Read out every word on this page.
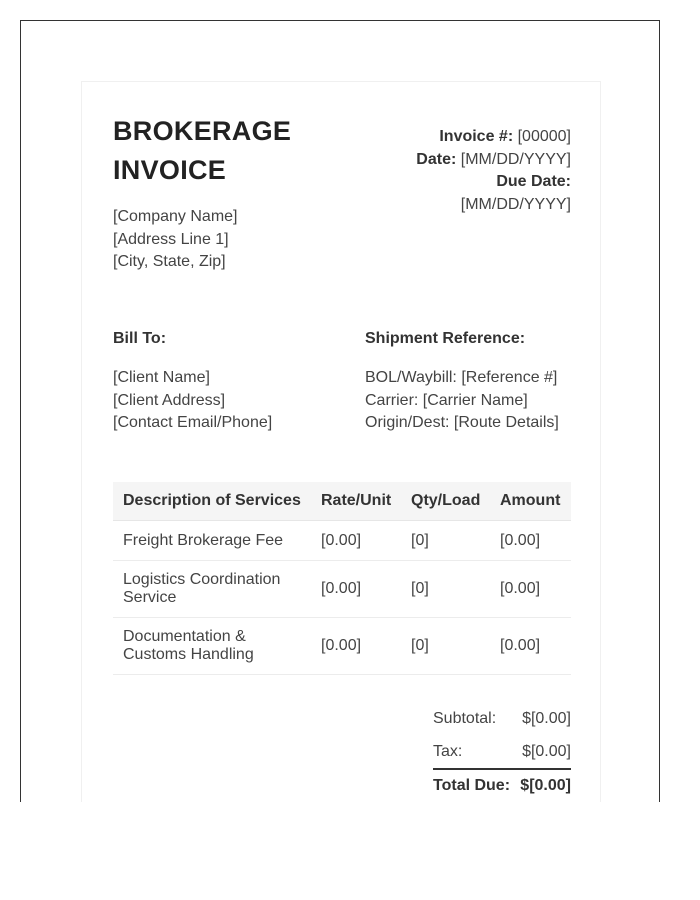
BROKERAGE INVOICE
[Company Name]
[Address Line 1]
[City, State, Zip]
Invoice #: [00000]
Date: [MM/DD/YYYY]
Due Date:
[MM/DD/YYYY]
Bill To:
[Client Name]
[Client Address]
[Contact Email/Phone]
Shipment Reference:
BOL/Waybill: [Reference #]
Carrier: [Carrier Name]
Origin/Dest: [Route Details]
Description of Services	Rate/Unit	Qty/Load	Amount
Freight Brokerage Fee	[0.00]	[0]	[0.00]
Logistics Coordination Service	[0.00]	[0]	[0.00]
Documentation & Customs Handling	[0.00]	[0]	[0.00]
Subtotal: $[0.00]
Tax:	$[0.00]
Total Due: $[0.00]
